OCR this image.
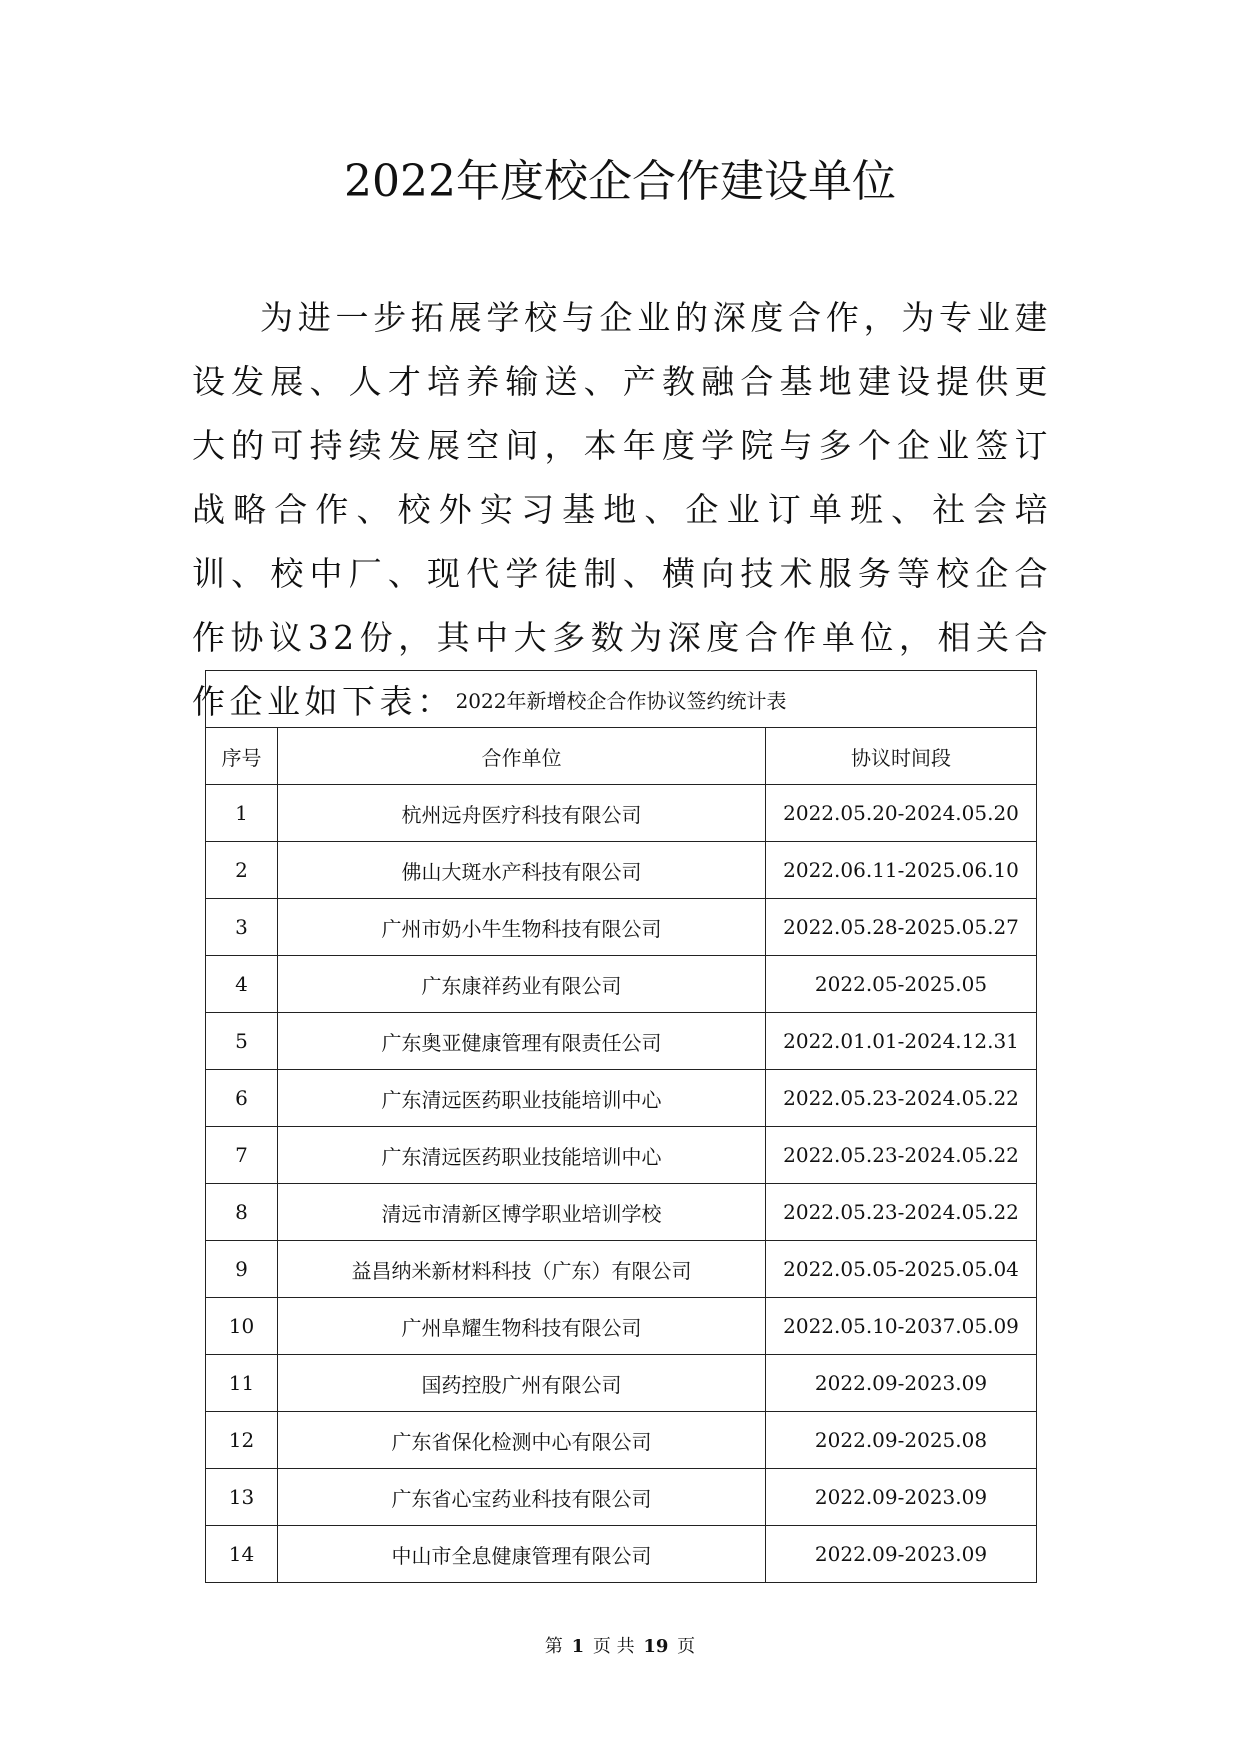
2022年度校企合作建设单位

为进一步拓展学校与企业的深度合作，为专业建设发展、人才培养输送、产教融合基地建设提供更大的可持续发展空间，本年度学院与多个企业签订战略合作、校外实习基地、企业订单班、社会培训、校中厂、现代学徒制、横向技术服务等校企合作协议32份，其中大多数为深度合作单位，相关合作企业如下表： 2022年新增校企合作协议签约统计表		
序号	合作单位	协议时间段
1	杭州远舟医疗科技有限公司	2022.05.20-2024.05.20
2	佛山大斑水产科技有限公司	2022.06.11-2025.06.10
3	广州市奶小牛生物科技有限公司	2022.05.28-2025.05.27
4	广东康祥药业有限公司	2022.05-2025.05
5	广东奥亚健康管理有限责任公司	2022.01.01-2024.12.31
6	广东清远医药职业技能培训中心	2022.05.23-2024.05.22
7	广东清远医药职业技能培训中心	2022.05.23-2024.05.22
8	清远市清新区博学职业培训学校	2022.05.23-2024.05.22
9	益昌纳米新材料科技（广东）有限公司	2022.05.05-2025.05.04
10	广州阜耀生物科技有限公司	2022.05.10-2037.05.09
11	国药控股广州有限公司	2022.09-2023.09
12	广东省保化检测中心有限公司	2022.09-2025.08
13	广东省心宝药业科技有限公司	2022.09-2023.09
14	中山市全息健康管理有限公司	2022.09-2023.09
第 1 页 共 19 页
